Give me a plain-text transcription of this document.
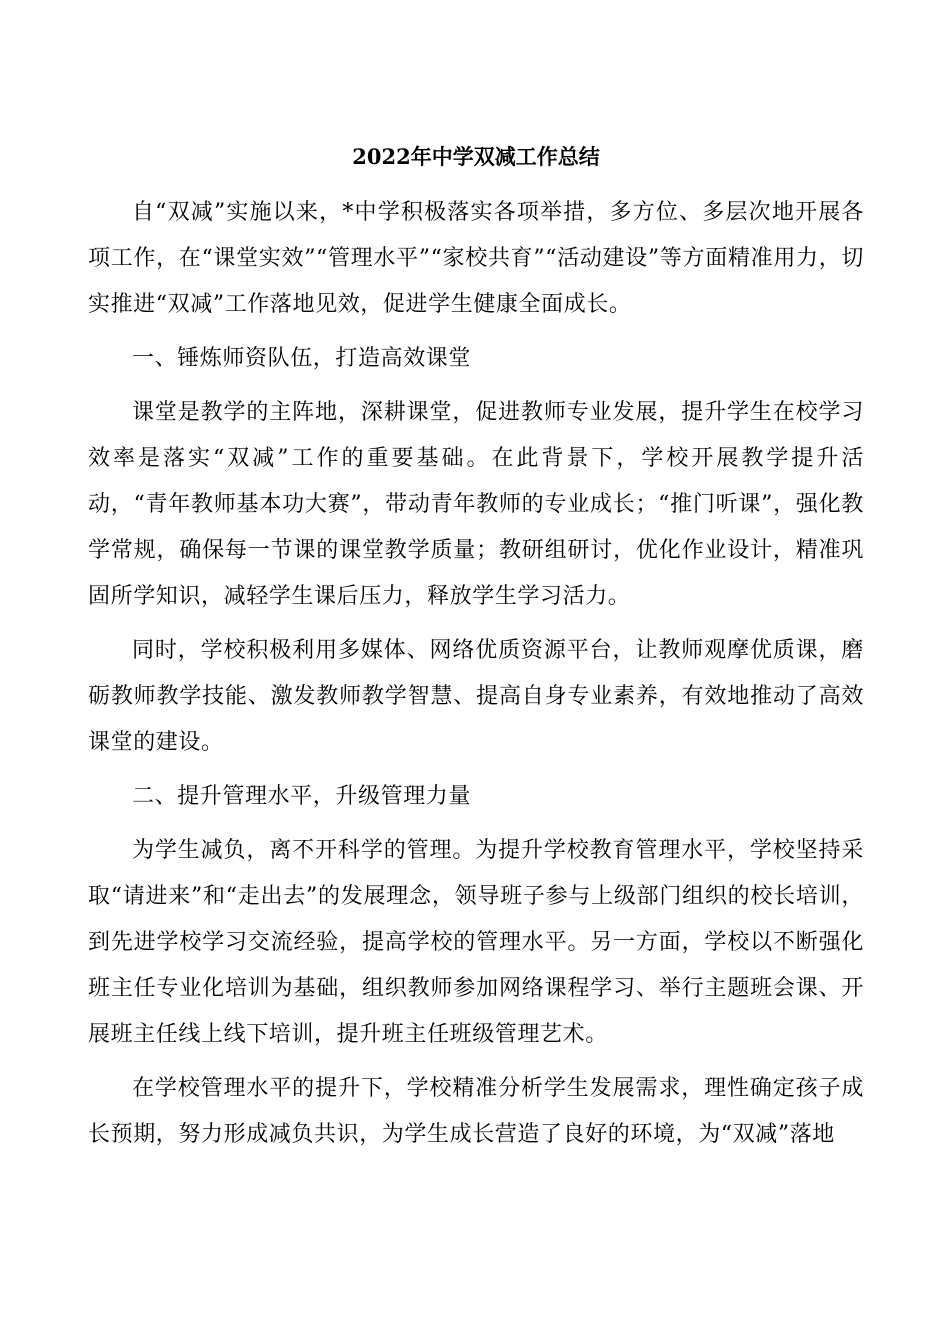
2022年中学双减工作总结

自“双减”实施以来，*中学积极落实各项举措，多方位、多层次地开展各项工作，在“课堂实效”“管理水平”“家校共育”“活动建设”等方面精准用力，切实推进“双减”工作落地见效，促进学生健康全面成长。

一、锤炼师资队伍，打造高效课堂

课堂是教学的主阵地，深耕课堂，促进教师专业发展，提升学生在校学习效率是落实“双减”工作的重要基础。在此背景下，学校开展教学提升活动，“青年教师基本功大赛”，带动青年教师的专业成长；“推门听课”，强化教学常规，确保每一节课的课堂教学质量；教研组研讨，优化作业设计，精准巩固所学知识，减轻学生课后压力，释放学生学习活力。

同时，学校积极利用多媒体、网络优质资源平台，让教师观摩优质课，磨砺教师教学技能、激发教师教学智慧、提高自身专业素养，有效地推动了高效课堂的建设。

二、提升管理水平，升级管理力量

为学生减负，离不开科学的管理。为提升学校教育管理水平，学校坚持采取“请进来”和“走出去”的发展理念，领导班子参与上级部门组织的校长培训，到先进学校学习交流经验，提高学校的管理水平。另一方面，学校以不断强化班主任专业化培训为基础，组织教师参加网络课程学习、举行主题班会课、开展班主任线上线下培训，提升班主任班级管理艺术。

在学校管理水平的提升下，学校精准分析学生发展需求，理性确定孩子成长预期，努力形成减负共识，为学生成长营造了良好的环境，为“双减”落地
